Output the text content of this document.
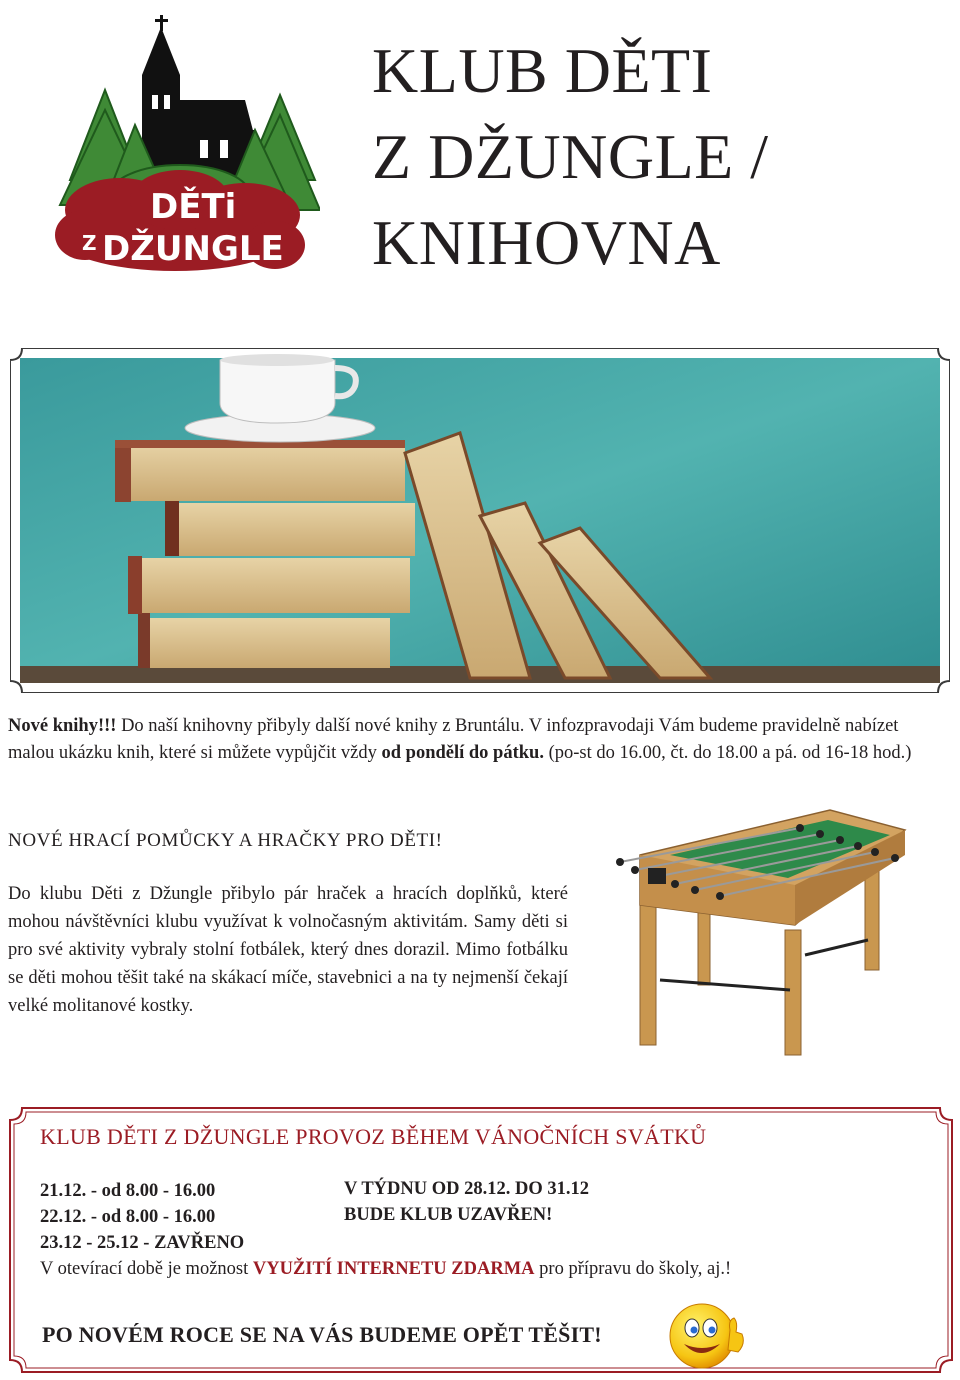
DĚTi
Z DŽUNGLE
KLUB DĚTI
Z DŽUNGLE /
KNIHOVNA

Nové knihy!!! Do naší knihovny přibyly další nové knihy z Bruntálu. V infozpravodaji Vám budeme pravidelně nabízet malou ukázku knih, které si můžete vypůjčit vždy od pondělí do pátku. (po-st do 16.00, čt. do 18.00 a pá. od 16-18 hod.)

NOVÉ HRACÍ POMŮCKY A HRAČKY PRO DĚTI!

Do klubu Děti z Džungle přibylo pár hraček a hracích doplňků, které mohou návštěvníci klubu využívat k volnočasným aktivitám. Samy děti si pro své aktivity vybraly stolní fotbálek, který dnes dorazil. Mimo fotbálku se děti mohou těšit také na skákací míče, stavebnici a na ty nejmenší čekají velké molitanové kostky.

KLUB DĚTI Z DŽUNGLE PROVOZ BĚHEM VÁNOČNÍCH SVÁTKŮ
21.12. - od 8.00 - 16.00
22.12. - od 8.00 - 16.00
23.12 - 25.12 - ZAVŘENO
V TÝDNU OD 28.12. DO 31.12
BUDE KLUB UZAVŘEN!
V otevírací době je možnost VYUŽITÍ INTERNETU ZDARMA pro přípravu do školy, aj.!

PO NOVÉM ROCE SE NA VÁS BUDEME OPĚT TĚŠIT!
